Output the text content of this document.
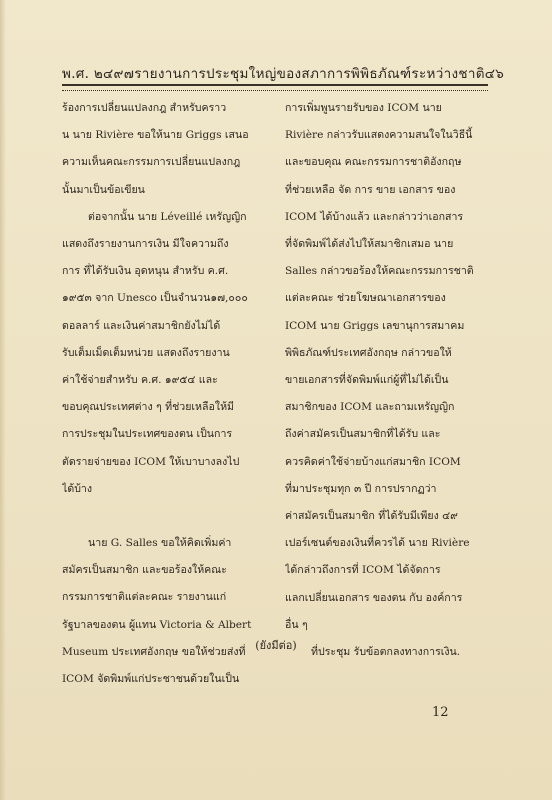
พ.ศ. ๒๔๙๗ รายงานการประชุมใหญ่ของสภาการพิพิธภัณฑ์ระหว่างชาติ ๔๖
ร้องการเปลี่ยนแปลงกฎ สำหรับคราว
น นาย Rivière ขอให้นาย Griggs เสนอ
ความเห็นคณะกรรมการเปลี่ยนแปลงกฎ
นั้นมาเป็นข้อเขียน
ต่อจากนั้น นาย Léveillé เหรัญญิก
แสดงถึงรายงานการเงิน มีใจความถึง
การ ที่ได้รับเงิน อุดหนุน สำหรับ ค.ศ.
๑๙๕๓ จาก Unesco เป็นจำนวน๑๗,๐๐๐
ดอลลาร์ และเงินค่าสมาชิกยังไม่ได้
รับเต็มเม็ดเต็มหน่วย แสดงถึงรายงาน
ค่าใช้จ่ายสำหรับ ค.ศ. ๑๙๕๔ และ
ขอบคุณประเทศต่าง ๆ ที่ช่วยเหลือให้มี
การประชุมในประเทศของตน เป็นการ
ตัดรายจ่ายของ ICOM ให้เบาบางลงไป
ได้บ้าง
นาย G. Salles ขอให้คิดเพิ่มค่า
สมัครเป็นสมาชิก และขอร้องให้คณะ
กรรมการชาติแต่ละคณะ รายงานแก่
รัฐบาลของตน ผู้แทน Victoria & Albert
Museum ประเทศอังกฤษ ขอให้ช่วยส่งที่
ICOM จัดพิมพ์แก่ประชาชนด้วยในเป็น
การเพิ่มพูนรายรับของ ICOM นาย
Rivière กล่าวรับแสดงความสนใจในวิธีนี้
และขอบคุณ คณะกรรมการชาติอังกฤษ
ที่ช่วยเหลือ จัด การ ขาย เอกสาร ของ
ICOM ได้บ้างแล้ว และกล่าวว่าเอกสาร
ที่จัดพิมพ์ได้ส่งไปให้สมาชิกเสมอ นาย
Salles กล่าวขอร้องให้คณะกรรมการชาติ
แต่ละคณะ ช่วยโฆษณาเอกสารของ
ICOM นาย Griggs เลขานุการสมาคม
พิพิธภัณฑ์ประเทศอังกฤษ กล่าวขอให้
ขายเอกสารที่จัดพิมพ์แก่ผู้ที่ไม่ได้เป็น
สมาชิกของ ICOM และถามเหรัญญิก
ถึงค่าสมัครเป็นสมาชิกที่ได้รับ และ
ควรคิดค่าใช้จ่ายบ้างแก่สมาชิก ICOM
ที่มาประชุมทุก ๓ ปี การปรากฏว่า
ค่าสมัครเป็นสมาชิก ที่ได้รับมีเพียง ๔๙
เปอร์เซนต์ของเงินที่ควรได้ นาย Rivière
ได้กล่าวถึงการที่ ICOM ได้จัดการ
แลกเปลี่ยนเอกสาร ของตน กับ องค์การ
อื่น ๆ
ที่ประชุม รับข้อตกลงทางการเงิน.
(ยังมีต่อ)
12
